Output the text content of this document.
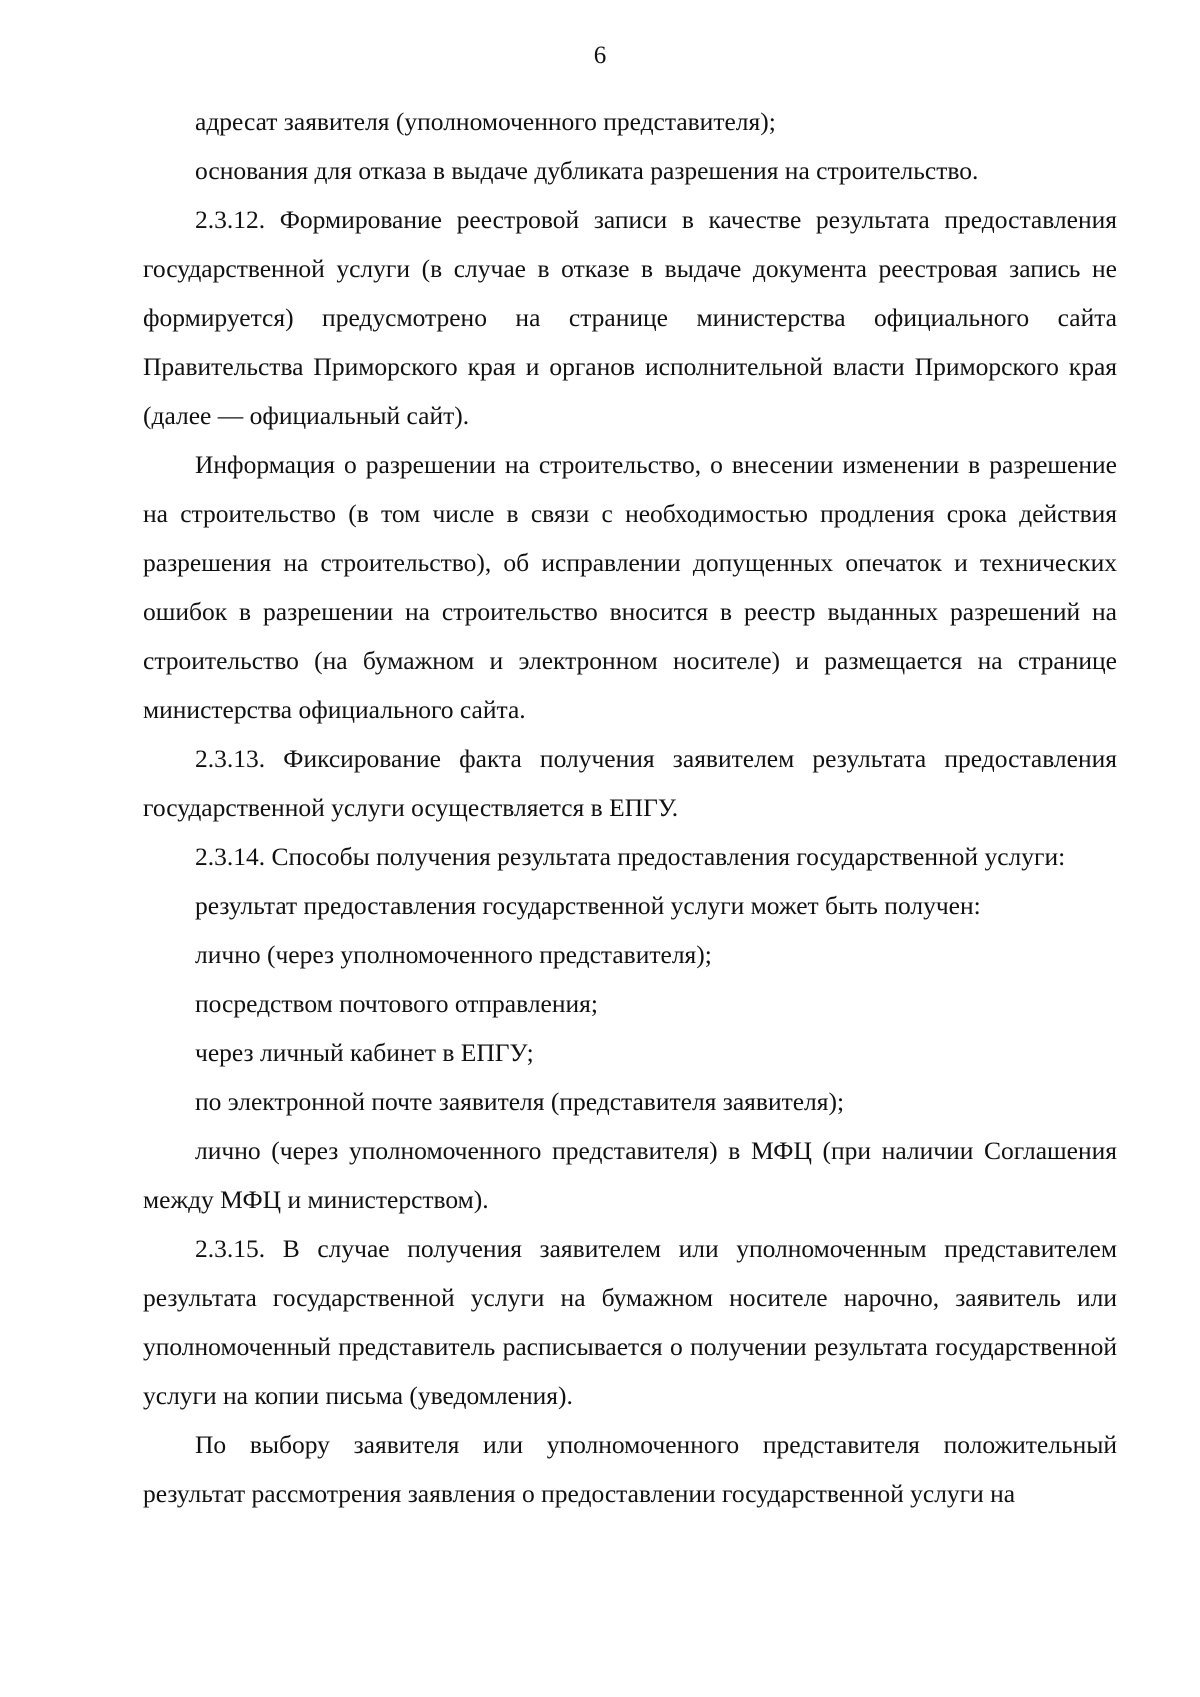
6

адресат заявителя (уполномоченного представителя);

основания для отказа в выдаче дубликата разрешения на строительство.

2.3.12. Формирование реестровой записи в качестве результата предоставления государственной услуги (в случае в отказе в выдаче документа реестровая запись не формируется) предусмотрено на странице министерства официального сайта Правительства Приморского края и органов исполнительной власти Приморского края (далее — официальный сайт).

Информация о разрешении на строительство, о внесении изменении в разрешение на строительство (в том числе в связи с необходимостью продления срока действия разрешения на строительство), об исправлении допущенных опечаток и технических ошибок в разрешении на строительство вносится в реестр выданных разрешений на строительство (на бумажном и электронном носителе) и размещается на странице министерства официального сайта.

2.3.13. Фиксирование факта получения заявителем результата предоставления государственной услуги осуществляется в ЕПГУ.

2.3.14. Способы получения результата предоставления государственной услуги:

результат предоставления государственной услуги может быть получен:

лично (через уполномоченного представителя);

посредством почтового отправления;

через личный кабинет в ЕПГУ;

по электронной почте заявителя (представителя заявителя);

лично (через уполномоченного представителя) в МФЦ (при наличии Соглашения между МФЦ и министерством).

2.3.15. В случае получения заявителем или уполномоченным представителем результата государственной услуги на бумажном носителе нарочно, заявитель или уполномоченный представитель расписывается о получении результата государственной услуги на копии письма (уведомления).

По выбору заявителя или уполномоченного представителя положительный результат рассмотрения заявления о предоставлении государственной услуги на
